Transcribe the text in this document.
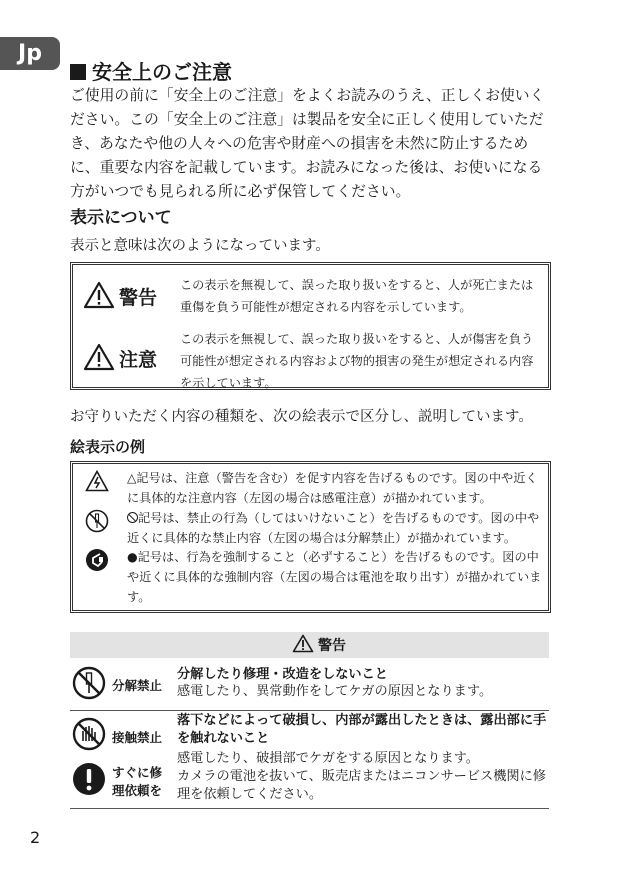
Jp
安全上のご注意
ご使用の前に「安全上のご注意」をよくお読みのうえ、正しくお使いください。この「安全上のご注意」は製品を安全に正しく使用していただき、あなたや他の人々への危害や財産への損害を未然に防止するために、重要な内容を記載しています。お読みになった後は、お使いになる方がいつでも見られる所に必ず保管してください。
表示について
表示と意味は次のようになっています。
警告
この表示を無視して、誤った取り扱いをすると、人が死亡または重傷を負う可能性が想定される内容を示しています。
注意
この表示を無視して、誤った取り扱いをすると、人が傷害を負う可能性が想定される内容および物的損害の発生が想定される内容を示しています。
お守りいただく内容の種類を、次の絵表示で区分し、説明しています。
絵表示の例
△記号は、注意（警告を含む）を促す内容を告げるものです。図の中や近くに具体的な注意内容（左図の場合は感電注意）が描かれています。
記号は、禁止の行為（してはいけないこと）を告げるものです。図の中や近くに具体的な禁止内容（左図の場合は分解禁止）が描かれています。
●記号は、行為を強制すること（必ずすること）を告げるものです。図の中や近くに具体的な強制内容（左図の場合は電池を取り出す）が描かれています。
警告
分解禁止
分解したり修理・改造をしないこと
感電したり、異常動作をしてケガの原因となります。
接触禁止
落下などによって破損し、内部が露出したときは、露出部に手を触れないこと
感電したり、破損部でケガをする原因となります。
すぐに修理依頼を
カメラの電池を抜いて、販売店またはニコンサービス機関に修理を依頼してください。
2
